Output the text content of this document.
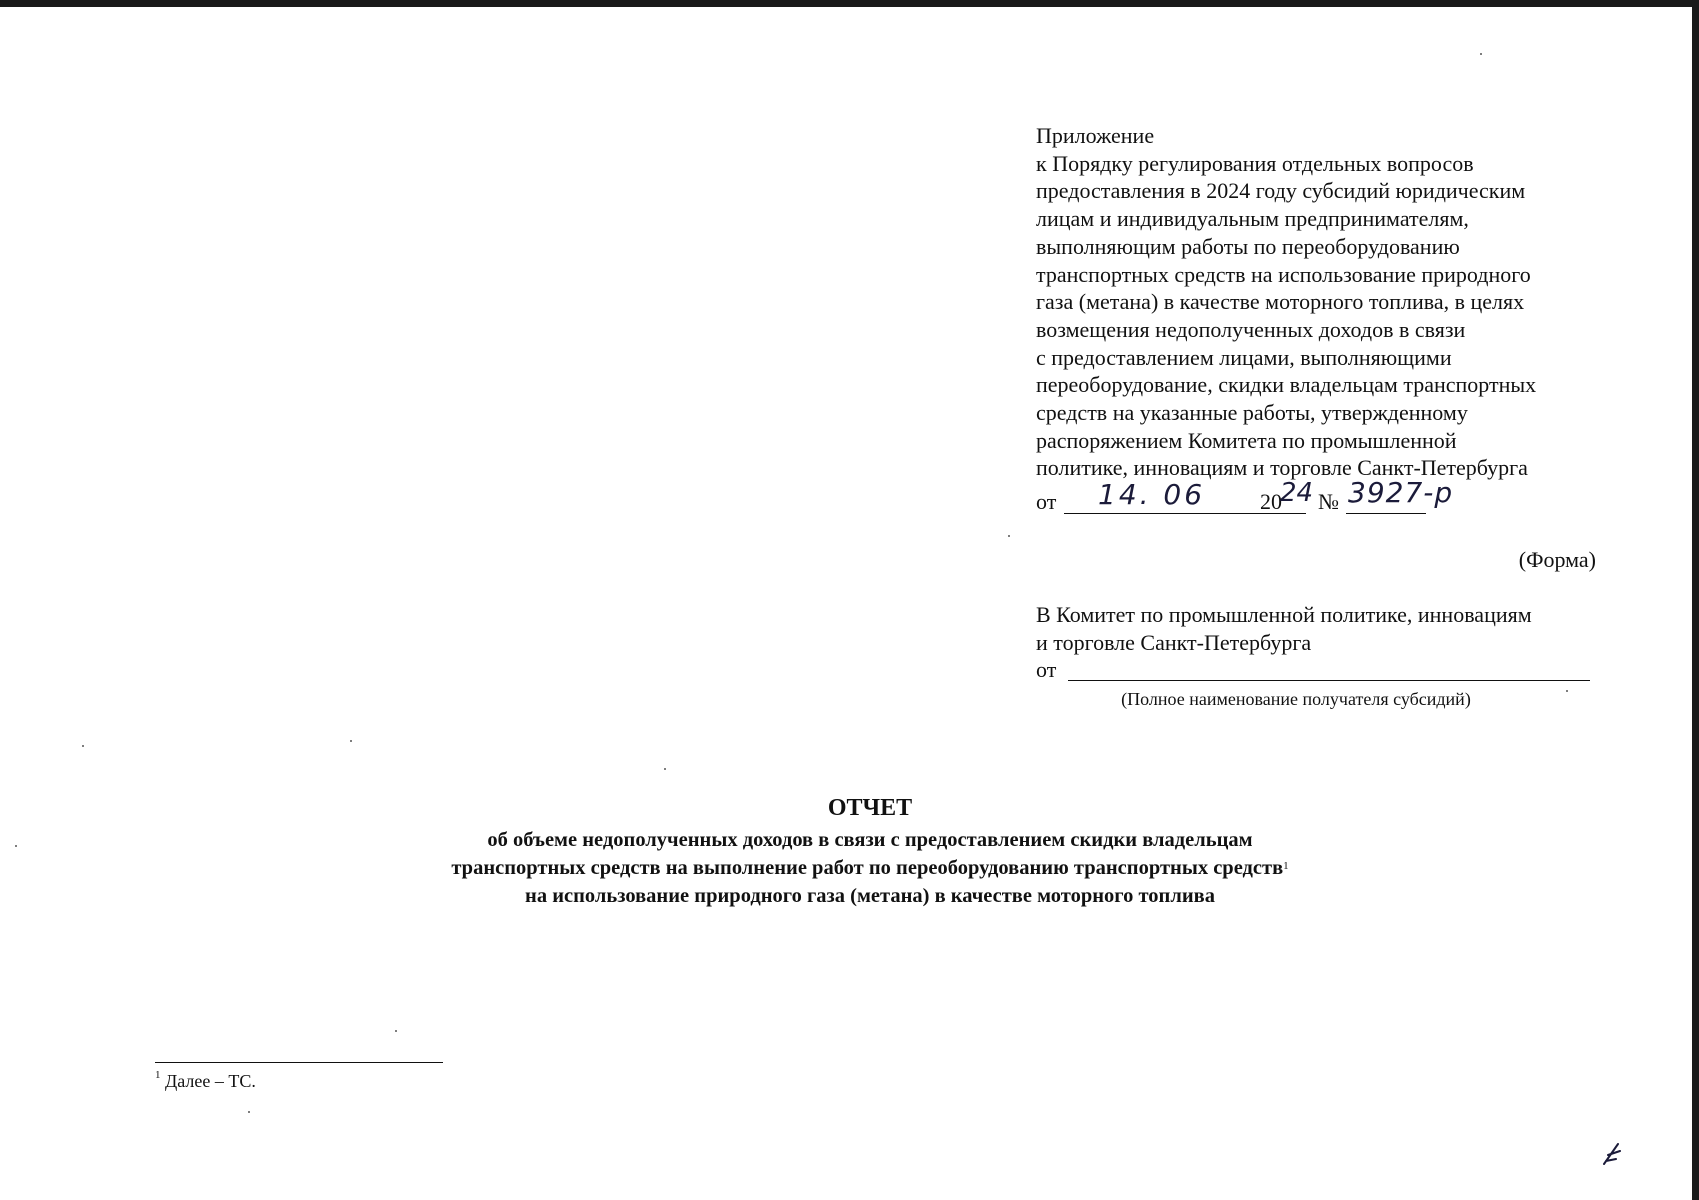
Приложение
к Порядку регулирования отдельных вопросов
предоставления в 2024 году субсидий юридическим
лицам и индивидуальным предпринимателям,
выполняющим работы по переоборудованию
транспортных средств на использование природного
газа (метана) в качестве моторного топлива, в целях
возмещения недополученных доходов в связи
с предоставлением лицами, выполняющими
переоборудование, скидки владельцам транспортных
средств на указанные работы, утвержденному
распоряжением Комитета по промышленной
политике, инновациям и торговле Санкт-Петербурга
от 14. 06 20
24 № 3927-р
(Форма)
В Комитет по промышленной политике, инновациям
и торговле Санкт-Петербурга
от
(Полное наименование получателя субсидий)
ОТЧЕТ
об объеме недополученных доходов в связи с предоставлением скидки владельцам
транспортных средств на выполнение работ по переоборудованию транспортных средств$^1$
на использование природного газа (метана) в качестве моторного топлива
$^1$ Далее – ТС.
